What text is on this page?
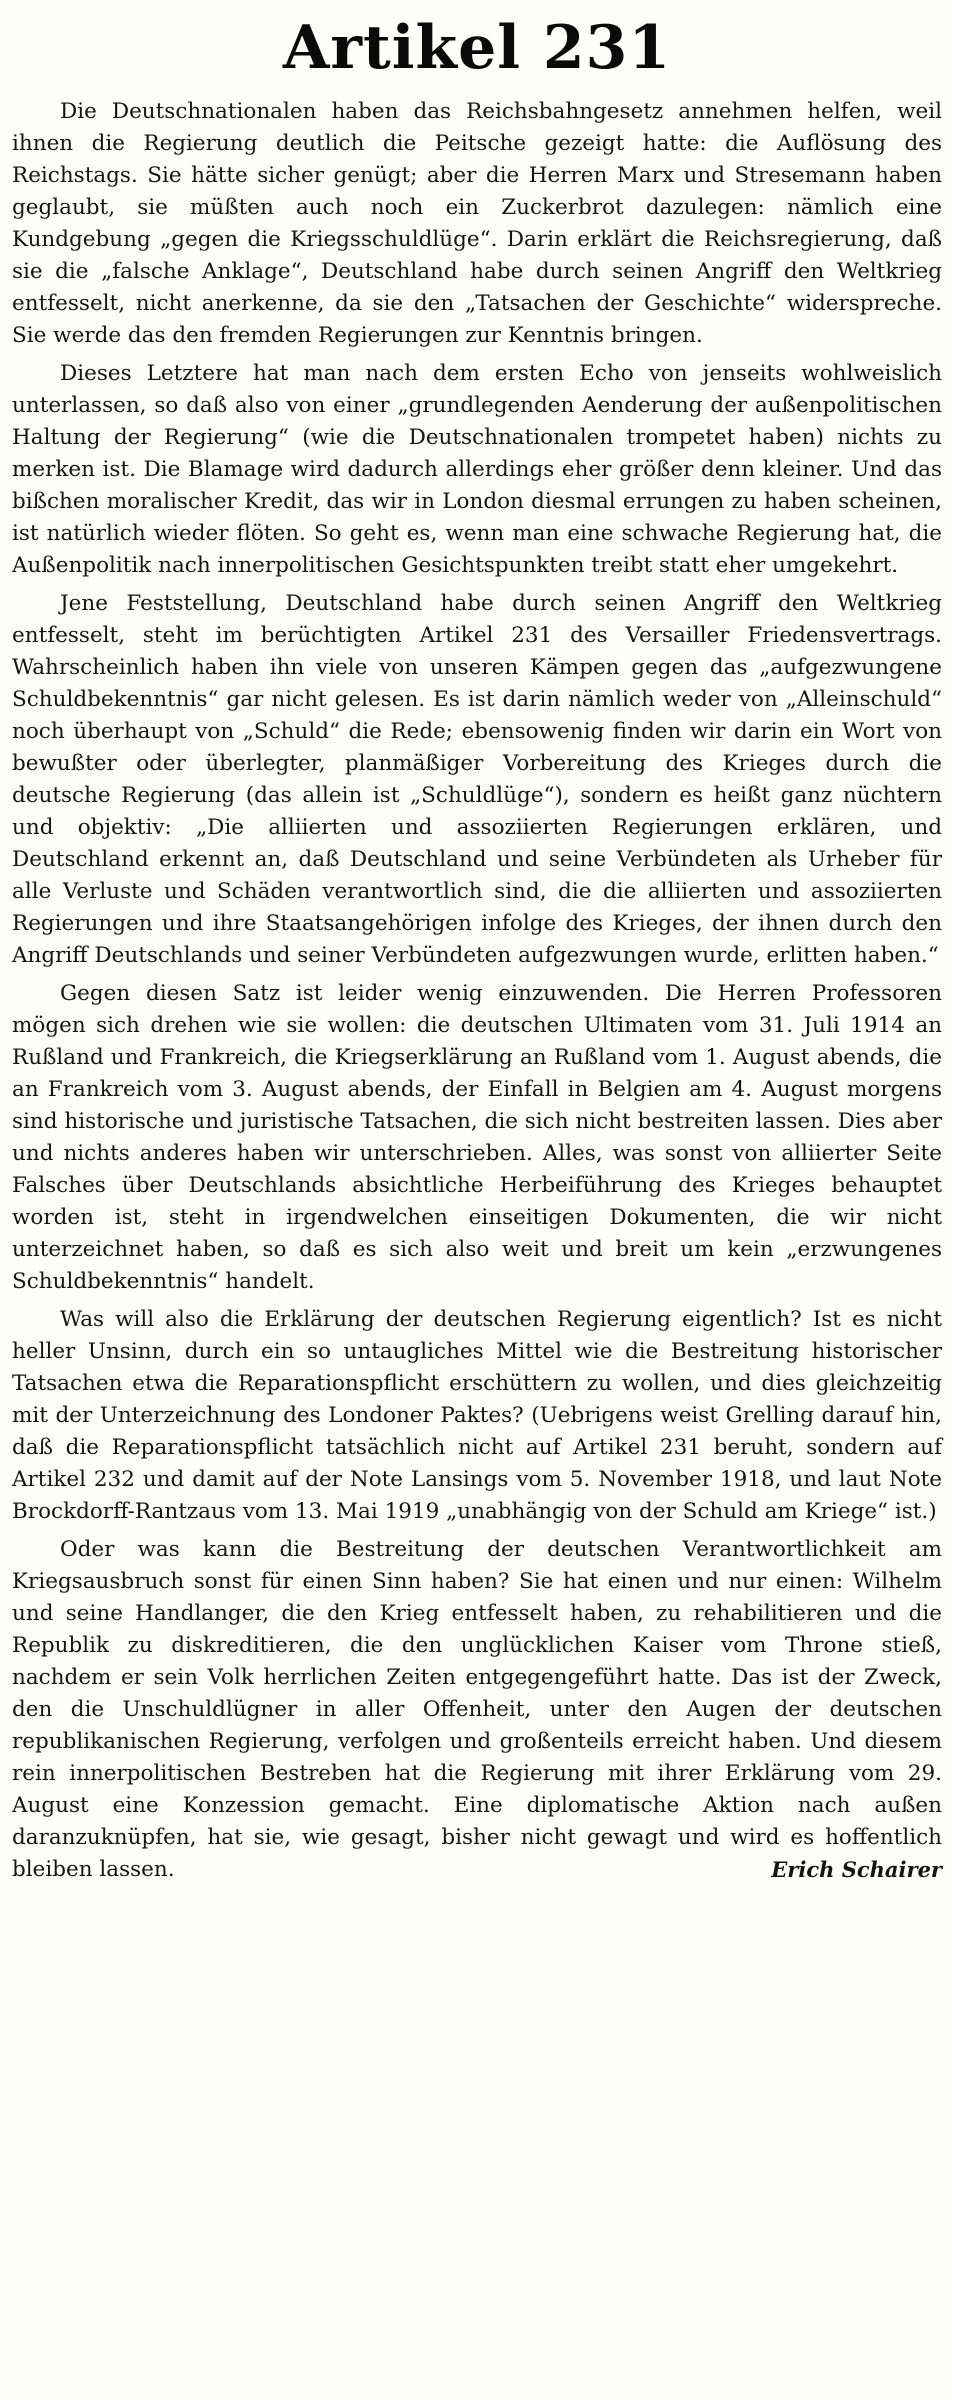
Artikel 231

Die Deutschnationalen haben das Reichsbahngesetz annehmen helfen, weil ihnen die Regierung deutlich die Peitsche gezeigt hatte: die Auflösung des Reichstags. Sie hätte sicher genügt; aber die Herren Marx und Stresemann haben geglaubt, sie müßten auch noch ein Zuckerbrot dazulegen: nämlich eine Kundgebung „gegen die Kriegsschuldlüge“. Darin erklärt die Reichsregierung, daß sie die „falsche Anklage“, Deutschland habe durch seinen Angriff den Weltkrieg entfesselt, nicht anerkenne, da sie den „Tatsachen der Geschichte“ widerspreche. Sie werde das den fremden Regierungen zur Kenntnis bringen.

Dieses Letztere hat man nach dem ersten Echo von jenseits wohlweislich unterlassen, so daß also von einer „grundlegenden Aenderung der außenpolitischen Haltung der Regierung“ (wie die Deutschnationalen trompetet haben) nichts zu merken ist. Die Blamage wird dadurch allerdings eher größer denn kleiner. Und das bißchen moralischer Kredit, das wir in London diesmal errungen zu haben scheinen, ist natürlich wieder flöten. So geht es, wenn man eine schwache Regierung hat, die Außenpolitik nach innerpolitischen Gesichtspunkten treibt statt eher umgekehrt.

Jene Feststellung, Deutschland habe durch seinen Angriff den Weltkrieg entfesselt, steht im berüchtigten Artikel 231 des Versailler Friedensvertrags. Wahrscheinlich haben ihn viele von unseren Kämpen gegen das „aufgezwungene Schuldbekenntnis“ gar nicht gelesen. Es ist darin nämlich weder von „Alleinschuld“ noch überhaupt von „Schuld“ die Rede; ebensowenig finden wir darin ein Wort von bewußter oder überlegter, planmäßiger Vorbereitung des Krieges durch die deutsche Regierung (das allein ist „Schuldlüge“), sondern es heißt ganz nüchtern und objektiv: „Die alliierten und assoziierten Regierungen erklären, und Deutschland erkennt an, daß Deutschland und seine Verbündeten als Urheber für alle Verluste und Schäden verantwortlich sind, die die alliierten und assoziierten Regierungen und ihre Staatsangehörigen infolge des Krieges, der ihnen durch den Angriff Deutschlands und seiner Verbündeten aufgezwungen wurde, erlitten haben.“

Gegen diesen Satz ist leider wenig einzuwenden. Die Herren Professoren mögen sich drehen wie sie wollen: die deutschen Ultimaten vom 31. Juli 1914 an Rußland und Frankreich, die Kriegserklärung an Rußland vom 1. August abends, die an Frankreich vom 3. August abends, der Einfall in Belgien am 4. August morgens sind historische und juristische Tatsachen, die sich nicht bestreiten lassen. Dies aber und nichts anderes haben wir unterschrieben. Alles, was sonst von alliierter Seite Falsches über Deutschlands absichtliche Herbeiführung des Krieges behauptet worden ist, steht in irgendwelchen einseitigen Dokumenten, die wir nicht unterzeichnet haben, so daß es sich also weit und breit um kein „erzwungenes Schuldbekenntnis“ handelt.

Was will also die Erklärung der deutschen Regierung eigentlich? Ist es nicht heller Unsinn, durch ein so untaugliches Mittel wie die Bestreitung historischer Tatsachen etwa die Reparationspflicht erschüttern zu wollen, und dies gleichzeitig mit der Unterzeichnung des Londoner Paktes? (Uebrigens weist Grelling darauf hin, daß die Reparationspflicht tatsächlich nicht auf Artikel 231 beruht, sondern auf Artikel 232 und damit auf der Note Lansings vom 5. November 1918, und laut Note Brockdorff-Rantzaus vom 13. Mai 1919 „unabhängig von der Schuld am Kriege“ ist.)

Oder was kann die Bestreitung der deutschen Verantwortlichkeit am Kriegsausbruch sonst für einen Sinn haben? Sie hat einen und nur einen: Wilhelm und seine Handlanger, die den Krieg entfesselt haben, zu rehabilitieren und die Republik zu diskreditieren, die den unglücklichen Kaiser vom Throne stieß, nachdem er sein Volk herrlichen Zeiten entgegengeführt hatte. Das ist der Zweck, den die Unschuldlügner in aller Offenheit, unter den Augen der deutschen republikanischen Regierung, verfolgen und großenteils erreicht haben. Und diesem rein innerpolitischen Bestreben hat die Regierung mit ihrer Erklärung vom 29. August eine Konzession gemacht. Eine diplomatische Aktion nach außen daranzuknüpfen, hat sie, wie gesagt, bisher nicht gewagt und wird es hoffentlich bleiben lassen.	Erich Schairer
